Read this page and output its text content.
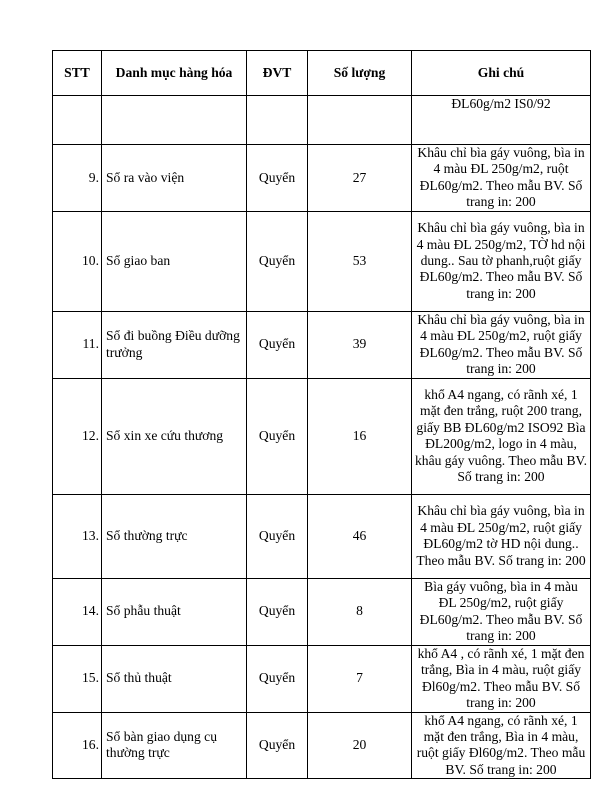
STT	Danh mục hàng hóa	ĐVT	Số lượng	Ghi chú
				ĐL60g/m2 IS0/92
9.	Sổ ra vào viện	Quyển	27	Khâu chỉ bìa gáy vuông, bìa in 4 màu ĐL 250g/m2, ruột ĐL60g/m2. Theo mẫu BV. Số trang in: 200
10.	Sổ giao ban	Quyển	53	Khâu chỉ bìa gáy vuông, bìa in 4 màu ĐL 250g/m2, TỜ hd nội dung.. Sau tờ phanh,ruột giấy ĐL60g/m2. Theo mẫu BV. Số trang in: 200
11.	Sổ đi buồng Điều dưỡng trưởng	Quyển	39	Khâu chỉ bìa gáy vuông, bìa in 4 màu ĐL 250g/m2, ruột giấy ĐL60g/m2. Theo mẫu BV. Số trang in: 200
12.	Sổ xin xe cứu thương	Quyển	16	khổ A4 ngang, có rãnh xé, 1 mặt đen trắng, ruột 200 trang, giấy BB ĐL60g/m2 ISO92 Bìa ĐL200g/m2, logo in 4 màu, khâu gáy vuông. Theo mẫu BV. Số trang in: 200
13.	Sổ thường trực	Quyển	46	Khâu chỉ bìa gáy vuông, bìa in 4 màu ĐL 250g/m2, ruột giấy ĐL60g/m2 tờ HD nội dung.. Theo mẫu BV. Số trang in: 200
14.	Sổ phẫu thuật	Quyển	8	Bìa gáy vuông, bìa in 4 màu ĐL 250g/m2, ruột giấy ĐL60g/m2. Theo mẫu BV. Số trang in: 200
15.	Sổ thủ thuật	Quyển	7	khổ A4 , có rãnh xé, 1 mặt đen trắng, Bìa in 4 màu, ruột giấy Đl60g/m2. Theo mẫu BV. Số trang in: 200
16.	Sổ bàn giao dụng cụ thường trực	Quyển	20	khổ A4 ngang, có rãnh xé, 1 mặt đen trắng, Bìa in 4 màu, ruột giấy Đl60g/m2. Theo mẫu BV. Số trang in: 200
